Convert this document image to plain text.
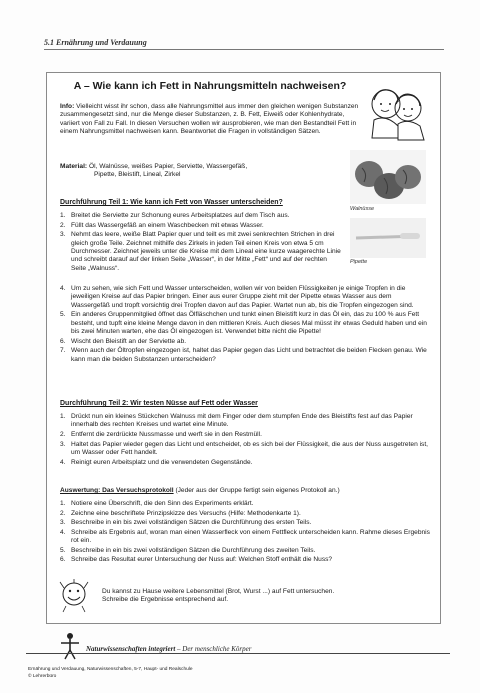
5.1 Ernährung und Verdauung
A – Wie kann ich Fett in Nahrungsmitteln nachweisen?
Info: Vielleicht wisst ihr schon, dass alle Nahrungsmittel aus immer den gleichen wenigen Substanzen zusammengesetzt sind, nur die Menge dieser Substanzen, z. B. Fett, Eiweiß oder Kohlenhydrate, variiert von Fall zu Fall. In diesen Versuchen wollen wir ausprobieren, wie man den Bestandteil Fett in einem Nahrungsmittel nachweisen kann. Beantwortet die Fragen in vollständigen Sätzen.
Material: Öl, Walnüsse, weißes Papier, Serviette, Wassergefäß,
Pipette, Bleistift, Lineal, Zirkel
Walnüsse
Pipette
Durchführung Teil 1: Wie kann ich Fett von Wasser unterscheiden?
1. Breitet die Serviette zur Schonung eures Arbeitsplatzes auf dem Tisch aus.
2. Füllt das Wassergefäß an einem Waschbecken mit etwas Wasser.
3. Nehmt das leere, weiße Blatt Papier quer und teilt es mit zwei senkrechten Strichen in drei gleich große Teile. Zeichnet mithilfe des Zirkels in jeden Teil einen Kreis von etwa 5 cm Durchmesser. Zeichnet jeweils unter die Kreise mit dem Lineal eine kurze waagerechte Linie und schreibt darauf auf der linken Seite „Wasser“, in der Mitte „Fett“ und auf der rechten Seite „Walnuss“.
4. Um zu sehen, wie sich Fett und Wasser unterscheiden, wollen wir von beiden Flüssigkeiten je einige Tropfen in die jeweiligen Kreise auf das Papier bringen. Einer aus eurer Gruppe zieht mit der Pipette etwas Wasser aus dem Wassergefäß und tropft vorsichtig drei Tropfen davon auf das Papier. Wartet nun ab, bis die Tropfen eingezogen sind.
5. Ein anderes Gruppenmitglied öffnet das Ölfläschchen und tunkt einen Bleistift kurz in das Öl ein, das zu 100 % aus Fett besteht, und tupft eine kleine Menge davon in den mittleren Kreis. Auch dieses Mal müsst ihr etwas Geduld haben und ein bis zwei Minuten warten, ehe das Öl eingezogen ist. Verwendet bitte nicht die Pipette!
6. Wischt den Bleistift an der Serviette ab.
7. Wenn auch der Öltropfen eingezogen ist, haltet das Papier gegen das Licht und betrachtet die beiden Flecken genau. Wie kann man die beiden Substanzen unterscheiden?
Durchführung Teil 2: Wir testen Nüsse auf Fett oder Wasser
1. Drückt nun ein kleines Stückchen Walnuss mit dem Finger oder dem stumpfen Ende des Bleistifts fest auf das Papier innerhalb des rechten Kreises und wartet eine Minute.
2. Entfernt die zerdrückte Nussmasse und werft sie in den Restmüll.
3. Haltet das Papier wieder gegen das Licht und entscheidet, ob es sich bei der Flüssigkeit, die aus der Nuss ausgetreten ist, um Wasser oder Fett handelt.
4. Reinigt euren Arbeitsplatz und die verwendeten Gegenstände.
Auswertung: Das Versuchsprotokoll (Jeder aus der Gruppe fertigt sein eigenes Protokoll an.)
1. Notiere eine Überschrift, die den Sinn des Experiments erklärt.
2. Zeichne eine beschriftete Prinzipskizze des Versuchs (Hilfe: Methodenkarte 1).
3. Beschreibe in ein bis zwei vollständigen Sätzen die Durchführung des ersten Teils.
4. Schreibe als Ergebnis auf, woran man einen Wasserfleck von einem Fettfleck unterscheiden kann. Rahme dieses Ergebnis rot ein.
5. Beschreibe in ein bis zwei vollständigen Sätzen die Durchführung des zweiten Teils.
6. Schreibe das Resultat eurer Untersuchung der Nuss auf: Welchen Stoff enthält die Nuss?
Du kannst zu Hause weitere Lebensmittel (Brot, Wurst ...) auf Fett untersuchen.
Schreibe die Ergebnisse entsprechend auf.
Naturwissenschaften integriert – Der menschliche Körper
Ernährung und Verdauung, Naturwissenschaften, 5-7, Haupt- und Realschule
© Lehrerbüro
